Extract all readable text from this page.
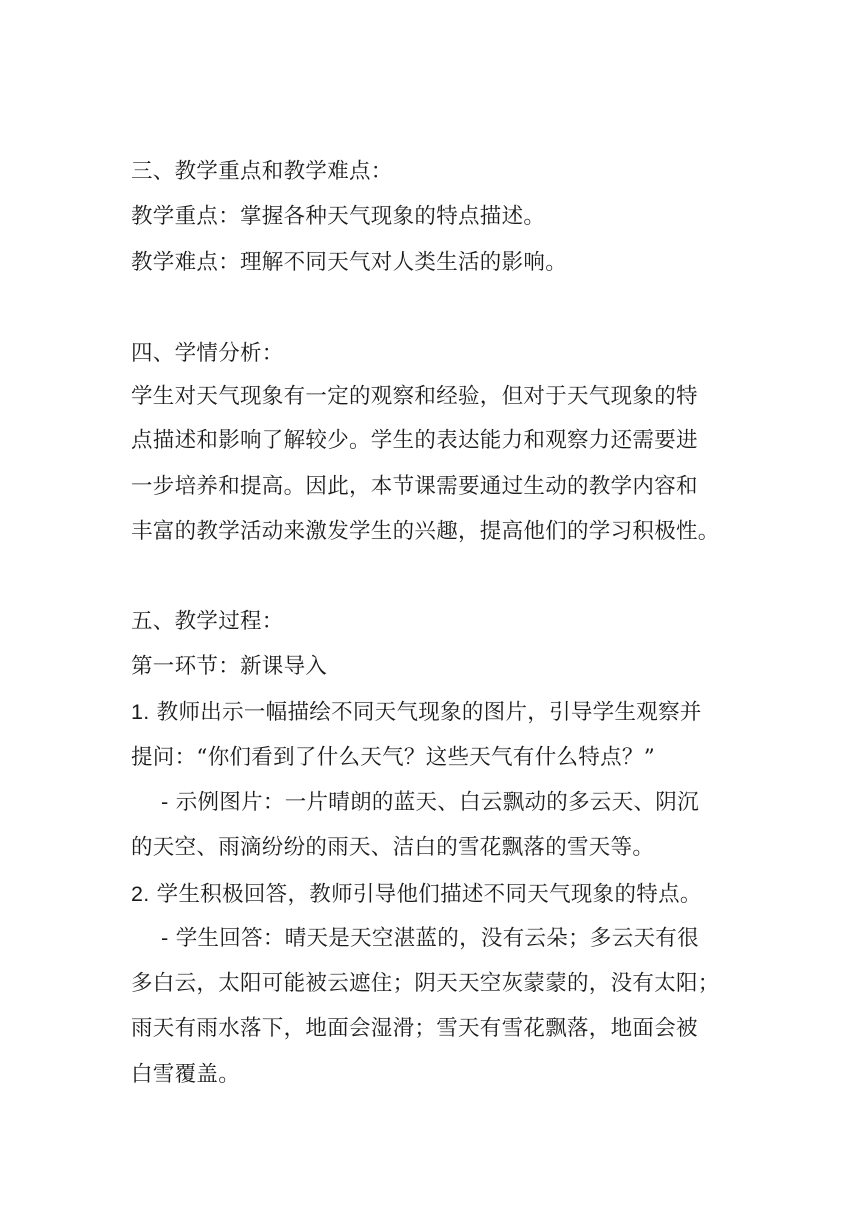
三、教学重点和教学难点：
教学重点：掌握各种天气现象的特点描述。
教学难点：理解不同天气对人类生活的影响。
四、学情分析：
学生对天气现象有一定的观察和经验，但对于天气现象的特
点描述和影响了解较少。学生的表达能力和观察力还需要进
一步培养和提高。因此，本节课需要通过生动的教学内容和
丰富的教学活动来激发学生的兴趣，提高他们的学习积极性。
五、教学过程：
第一环节：新课导入
1. 教师出示一幅描绘不同天气现象的图片，引导学生观察并
提问：“你们看到了什么天气？这些天气有什么特点？”
- 示例图片：一片晴朗的蓝天、白云飘动的多云天、阴沉
的天空、雨滴纷纷的雨天、洁白的雪花飘落的雪天等。
2. 学生积极回答，教师引导他们描述不同天气现象的特点。
- 学生回答：晴天是天空湛蓝的，没有云朵；多云天有很
多白云，太阳可能被云遮住；阴天天空灰蒙蒙的，没有太阳；
雨天有雨水落下，地面会湿滑；雪天有雪花飘落，地面会被
白雪覆盖。
